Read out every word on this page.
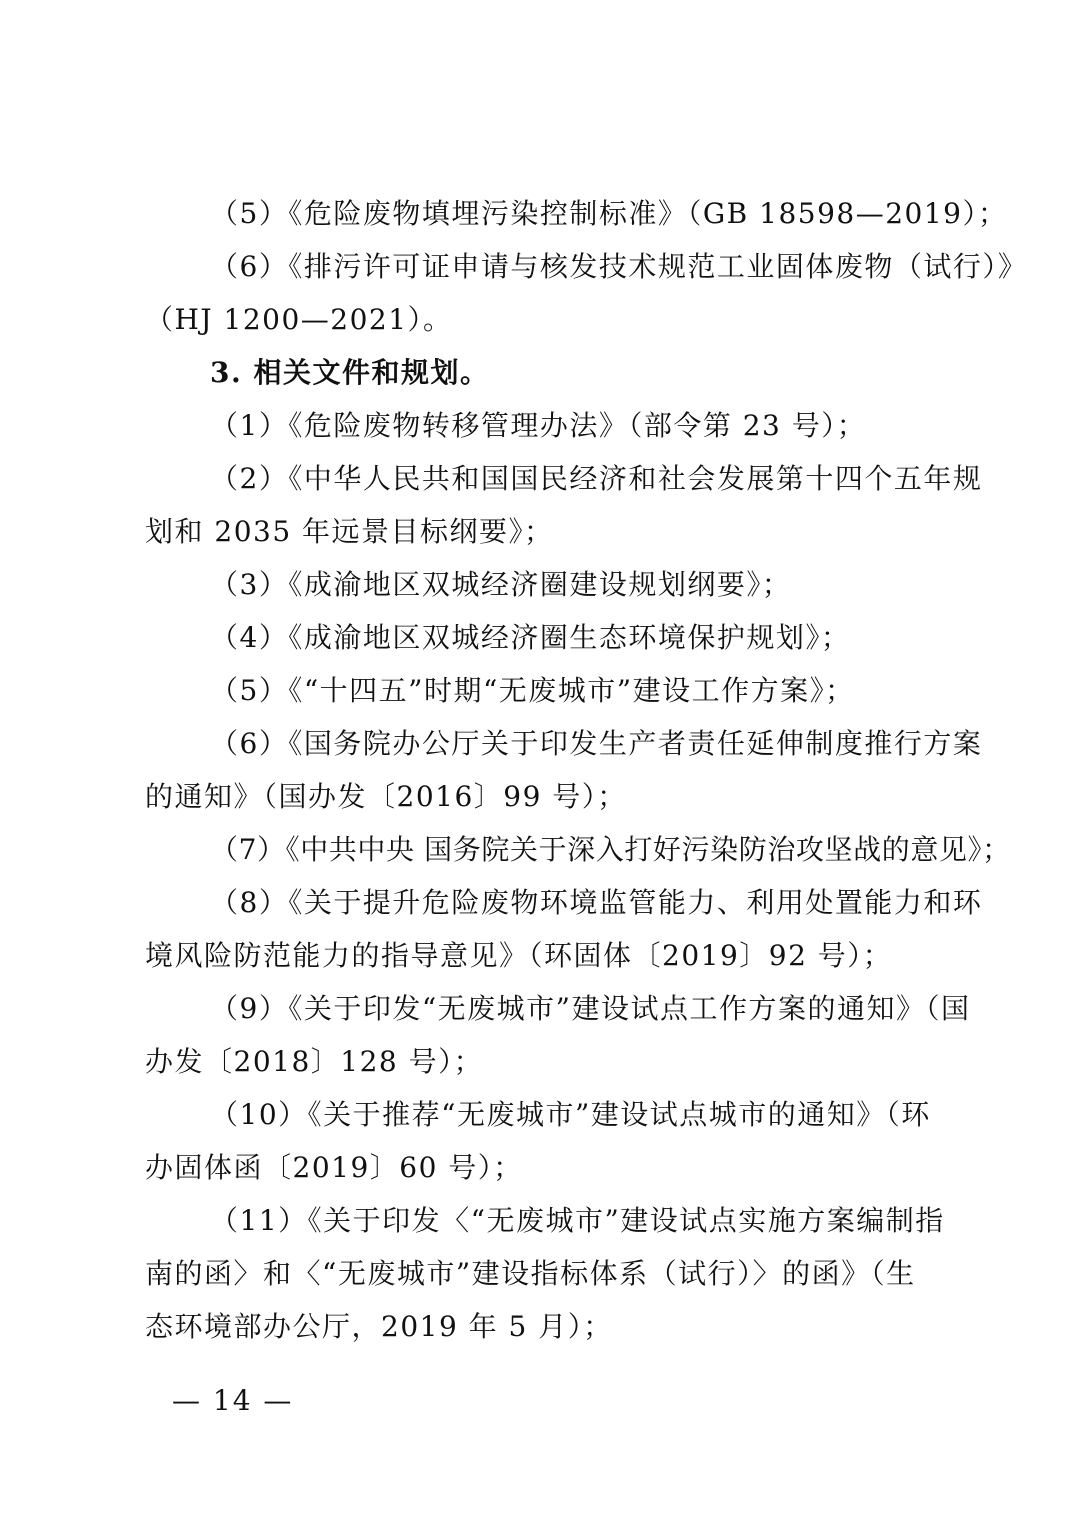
（5）《危险废物填埋污染控制标准》（GB 18598—2019）；
（6）《排污许可证申请与核发技术规范工业固体废物（试行）》
（HJ 1200—2021）。
3. 相关文件和规划。
（1）《危险废物转移管理办法》（部令第 23 号）；
（2）《中华人民共和国国民经济和社会发展第十四个五年规
划和 2035 年远景目标纲要》；
（3）《成渝地区双城经济圈建设规划纲要》；
（4）《成渝地区双城经济圈生态环境保护规划》；
（5）《“十四五”时期“无废城市”建设工作方案》；
（6）《国务院办公厅关于印发生产者责任延伸制度推行方案
的通知》（国办发〔2016〕99 号）；
（7）《中共中央 国务院关于深入打好污染防治攻坚战的意见》；
（8）《关于提升危险废物环境监管能力、利用处置能力和环
境风险防范能力的指导意见》（环固体〔2019〕92 号）；
（9）《关于印发“无废城市”建设试点工作方案的通知》（国
办发〔2018〕128 号）；
（10）《关于推荐“无废城市”建设试点城市的通知》（环
办固体函〔2019〕60 号）；
（11）《关于印发〈“无废城市”建设试点实施方案编制指
南的函〉和〈“无废城市”建设指标体系（试行）〉的函》（生
态环境部办公厅，2019 年 5 月）；
— 14 —
